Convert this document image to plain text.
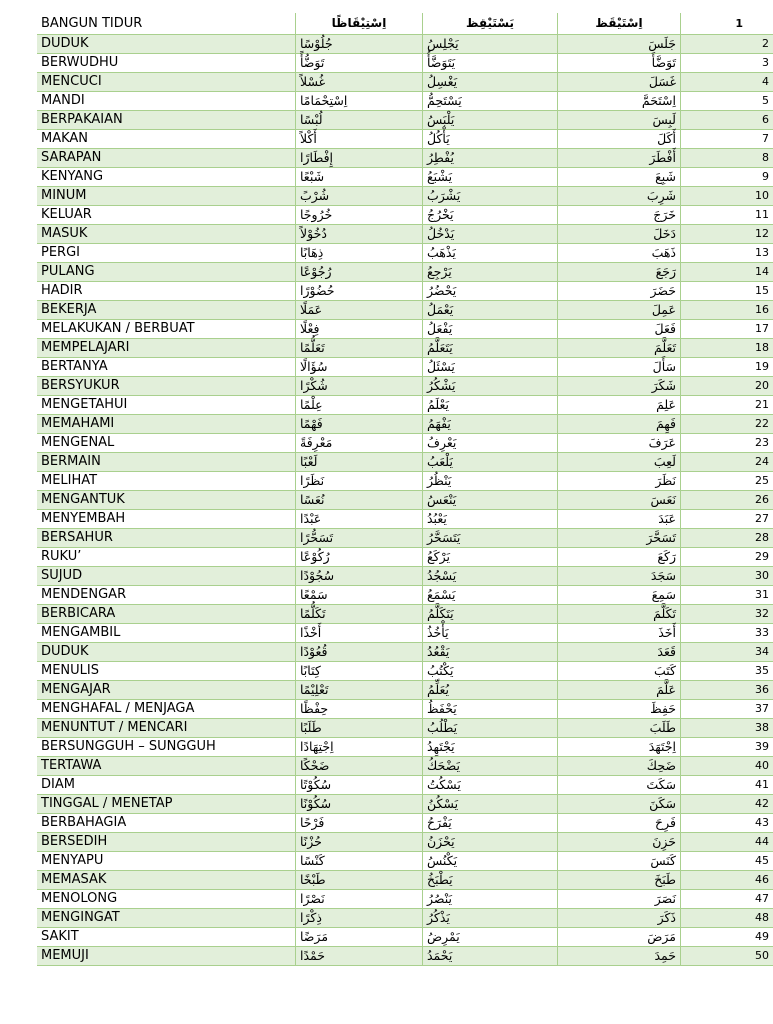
BANGUN TIDUR	اِسْتِيْقَاظًا	يَسْتَيْقِظ	اِسْتَيْقَظ	1
DUDUK	جُلُوْسًا	يَجْلِسُ	جَلَسَ	2
BERWUDHU	تَوَضُّأً	يَتَوَضَّأُ	تَوَضَّأَ	3
MENCUCI	غُسْلاً	يَغْسِلُ	غَسَلَ	4
MANDI	اِسْتِحْمَامًا	يَسْتَحِمُّ	اِسْتَحَمَّ	5
BERPAKAIAN	لُبْسًا	يَلْبَسُ	لَبِسَ	6
MAKAN	أَكْلاً	يَأْكُلُ	أَكَلَ	7
SARAPAN	إِفْطَارًا	يُفْطِرُ	أَفْطَرَ	8
KENYANG	شَبْعًا	يَشْبَعُ	شَبِعَ	9
MINUM	شُرْبً	يَشْرَبُ	شَرِبَ	10
KELUAR	خُرُوجًا	يَخْرُجُ	خَرَجَ	11
MASUK	دُخُوْلاً	يَدْخُلُ	دَخَلَ	12
PERGI	ذِهَابًا	يَذْهَبُ	ذَهَبَ	13
PULANG	رُجُوْعًا	يَرْجِعُ	رَجَعَ	14
HADIR	حُضُوْرًا	يَحْضُرُ	حَضَرَ	15
BEKERJA	عَمَلًا	يَعْمَلُ	عَمِلَ	16
MELAKUKAN / BERBUAT	فِعْلًا	يَفْعَلُ	فَعَلَ	17
MEMPELAJARI	تَعَلُّمًا	يَتَعَلَّمُ	تَعَلَّمَ	18
BERTANYA	سُؤَالًا	يَسْئَلُ	سَأَلَ	19
BERSYUKUR	شُكْرًا	يَشْكُرُ	شَكَرَ	20
MENGETAHUI	عِلْمًا	يَعْلَمُ	عَلِمَ	21
MEMAHAMI	فَهْمًا	يَفْهَمُ	فَهِمَ	22
MENGENAL	مَعْرِفَةً	يَعْرِفُ	عَرَفَ	23
BERMAIN	لَعْبًا	يَلْعَبُ	لَعِبَ	24
MELIHAT	نَظَرًا	يَنْظُرُ	نَظَرَ	25
MENGANTUK	نُعَسًا	يَنْعَسُ	نَعَسَ	26
MENYEMBAH	عَبْدًا	يَعْبُدُ	عَبَدَ	27
BERSAHUR	تَسَحُّرًا	يَتَسَحَّرُ	تَسَحَّرَ	28
RUKU’	رُكُوْعًا	يَرْكَعُ	رَكَعَ	29
SUJUD	سُجُوْدًا	يَسْجُدُ	سَجَدَ	30
MENDENGAR	سَمْعًا	يَسْمَعُ	سَمِعَ	31
BERBICARA	تَكَلُّمًا	يَتَكَلَّمُ	تَكَلَّمَ	32
MENGAMBIL	أَخْذًا	يَأْخُذُ	أَخَذَ	33
DUDUK	قُعُوْدًا	يَقْعُدُ	قَعَدَ	34
MENULIS	كِتَابًا	يَكْتُبُ	كَتَبَ	35
MENGAJAR	تَعْلِيْمًا	يُعَلِّمُ	عَلَّمَ	36
MENGHAFAL / MENJAGA	حِفْظًا	يَحْفَظُ	حَفِظَ	37
MENUNTUT / MENCARI	طَلَبًا	يَطْلُبُ	طَلَبَ	38
BERSUNGGUH – SUNGGUH	اِجْتِهَادًا	يَجْتَهِدُ	اِجْتَهَدَ	39
TERTAWA	ضَحْكًا	يَضْحَكُ	ضَحِكَ	40
DIAM	سُكُوْتًا	يَسْكُتُ	سَكَتَ	41
TINGGAL / MENETAP	سُكُوْنًا	يَسْكُنُ	سَكَنَ	42
BERBAHAGIA	فَرْحًا	يَفْرَحُ	فَرِحَ	43
BERSEDIH	حُزْنًا	يَحْزَنُ	حَزِنَ	44
MENYAPU	كَنْسًا	يَكْنُسُ	كَنَسَ	45
MEMASAK	طَبْخًا	يَطْبَخُ	طَبَخَ	46
MENOLONG	نَصْرًا	يَنْصُرُ	نَصَرَ	47
MENGINGAT	ذِكْرًا	يَذْكُرُ	ذَكَرَ	48
SAKIT	مَرَضًا	يَمْرِضُ	مَرَضَ	49
MEMUJI	حَمْدًا	يَحْمَدُ	حَمِدَ	50
